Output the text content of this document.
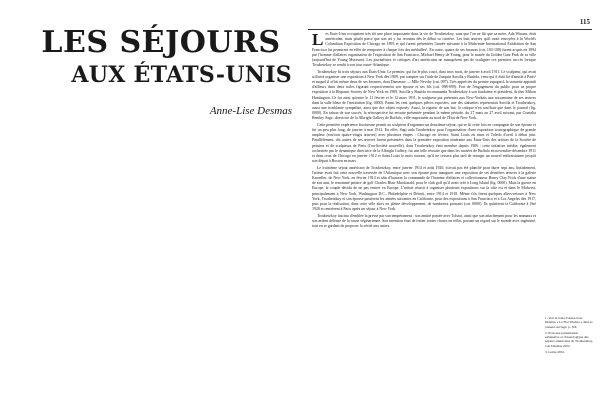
LES SÉJOURS
AUX ÉTATS-UNIS
Anne-Lise Desmas
115

Les États-Unis occupaient très tôt une place importante dans la vie de Troubetzkoy, sans que l'on ne fût que sa mère, Ada Winans, était américaine, mais plutôt parce que son art y fut reconnu dès le début sa carrière. Les huit œuvres qu'il avait envoyées à la World's Columbian Exposition de Chicago en 1893 et qui furent présentées l'année suivante à la Midwinter International Exhibition de San Francisco lui permirent en effet de remporter à chaque fois des médailles¹. En outre, quatre de ses bronzes (cat. 103-108) furent acquis en 1894 par l'homme d'affaires organisateur de l'exposition de San Francisco, Michael Henry de Young, pour le musée du Golden Gate Park de sa ville (aujourd'hui de Young Museum). Les journalistes et critiques d'art américains ne manquèrent pas de souligner ces premiers succès lorsque Troubetzkoy se rendit à son tour outre-Atlantique.

Troubetzkoy fit trois séjours aux États-Unis. Le premier, qui fut le plus court, dura trois mois, de janvier à avril 1911. Le sculpteur, qui avait sollicité organiser une exposition à New York dès 1909, put compter sur l'aide de Joaquín Sorolla y Bastida, venu qui il était lié d'amitié à Paris² et auquel il offrit même deux de ses bronzes, dont Danseuse — Mlle Nevsky (cat. 097). Très appréciés du peintre espagnol, la statuette apparaît d'ailleurs dans deux toiles figurant respectivement son épouse et ses fils (cat. 098-099). Fort de l'engagement du public pour sa propre exposition à la Hispanic Society de New York en 1909, Sorolla y Bastida recommanda Troubetzkoy à son fondateur et président, Archer Milton Huntington. Ce fut ainsi qu'entre le 11 février et le 12 mars 1911, le sculpteur put présenter aux New-Yorkais une soixantaine de ses œuvres dans la salle bleue de l'institution (fig. 0000). Parmi les cent quelques pièces exposées, une des statuettes représentait Sorolla et Troubetzkoy, aussi une troublante sympathie, ainsi que des objets exposés. Aussi, la rigueur de son but, la critique n'en souffrait que dans le journal (fig. 0000). En raison de son succès, la rétrospective fut ensuite présentée pendant la même période, du 27 mars au 27 avril suivant, par Cornelia Bentley Sage, directrice de la Albright Gallery de Buffalo, ville importante au nord de l'État de New York.

Cette première expérience fructueuse permit au sculpteur d'organiser un deuxième séjour, qui se fit cette fois en compagnie de son épouse et fut un peu plus long, de janvier à mai 1912. En effet, Sagi aida Troubetzkoy pour l'organisation d'une exposition iconographique de grande ampleur (environ quatre-vingts œuvres) avec plusieurs étapes : Chicago en février, Saint Louis en mars et Toledo d'avril à début juin. Parallèlement, dix autres de ses œuvres furent présentées dans la première exposition itinérante aux États-Unis des artistes de la Société de peintres et de sculpteurs de Paris (l'on-Société nouvelle), dont Troubetzkoy était membre depuis 1906 : cette initiative inédite, également orchestrée par le dynamique directrice de la Albright Gallery, fut une telle réussite que dans les musées de Buffalo en novembre-décembre 1911 et dans ceux de Chicago en janvier 1912 et Saint Louis le mois suivant, qu'il ne cessera plus tard de resurgir un nouvel enthousiasme jusqu'à son départ à Boston en mars.

Le troisième séjour américain de Troubetzkoy, entre janvier 1914 et août 1920, n'avait pas été planifié pour durer sept ans. Initialement, l'artiste avait fait cette nouvelle traversée de l'Atlantique avec son épouse pour inaugurer une exposition de ses dernières œuvres à la galerie Knoedler, de New York, en février 1914 et afin d'honorer la commande de l'homme d'affaires et collectionneur Henry Clay Frick d'une statue de son ami, le renommé peintre de golf Charles Blair Macdonald, pour le club golf qu'il avait créé à Long Island (fig. 0000). Mais la guerre en Europe, le couple décida de ne pas rentrer en Europe. L'artiste réussit à organiser plusieurs expositions sur la côte est et dans le Midwest, principalement à New York, Washington D.C., Philadelphie et Détroit, entre 1914 et 1918. Même s'ils firent quelques allers-retours à New York, Troubetzkoy et son épouse passèrent les années suivantes en Californie, pour des expositions à San Francisco et à Los Angeles dès 1917, puis pour la réalisation, dans cette ville alors en pleine développement, de nombreux portraits (cat. 0000). Ils quittèrent la Californie à l'été 1920 et rentrèrent à Paris après un séjour à New York.

Troubetzkoy fascina d'emblée la presse par son tempérament : son amitié passée avec Tolstoï, ainsi que son attachement pour les animaux et son ardent défense de la cause végétarienne. Son intention était de traiter toutes choses en reflet, portant un regard sur le monde avec ingénuité, tout en se gardant de proposer la vérité aux autres.

1. Voir le texte d'Anne-Lise Desmas « Le Fiat Worker » dans le présent ouvrage, p. XX.
2. Pour une présentation exhaustive et chronologique des séjours américains de Troubetzkoy, voir Desmas 2022.
3. Lettre 2001.
